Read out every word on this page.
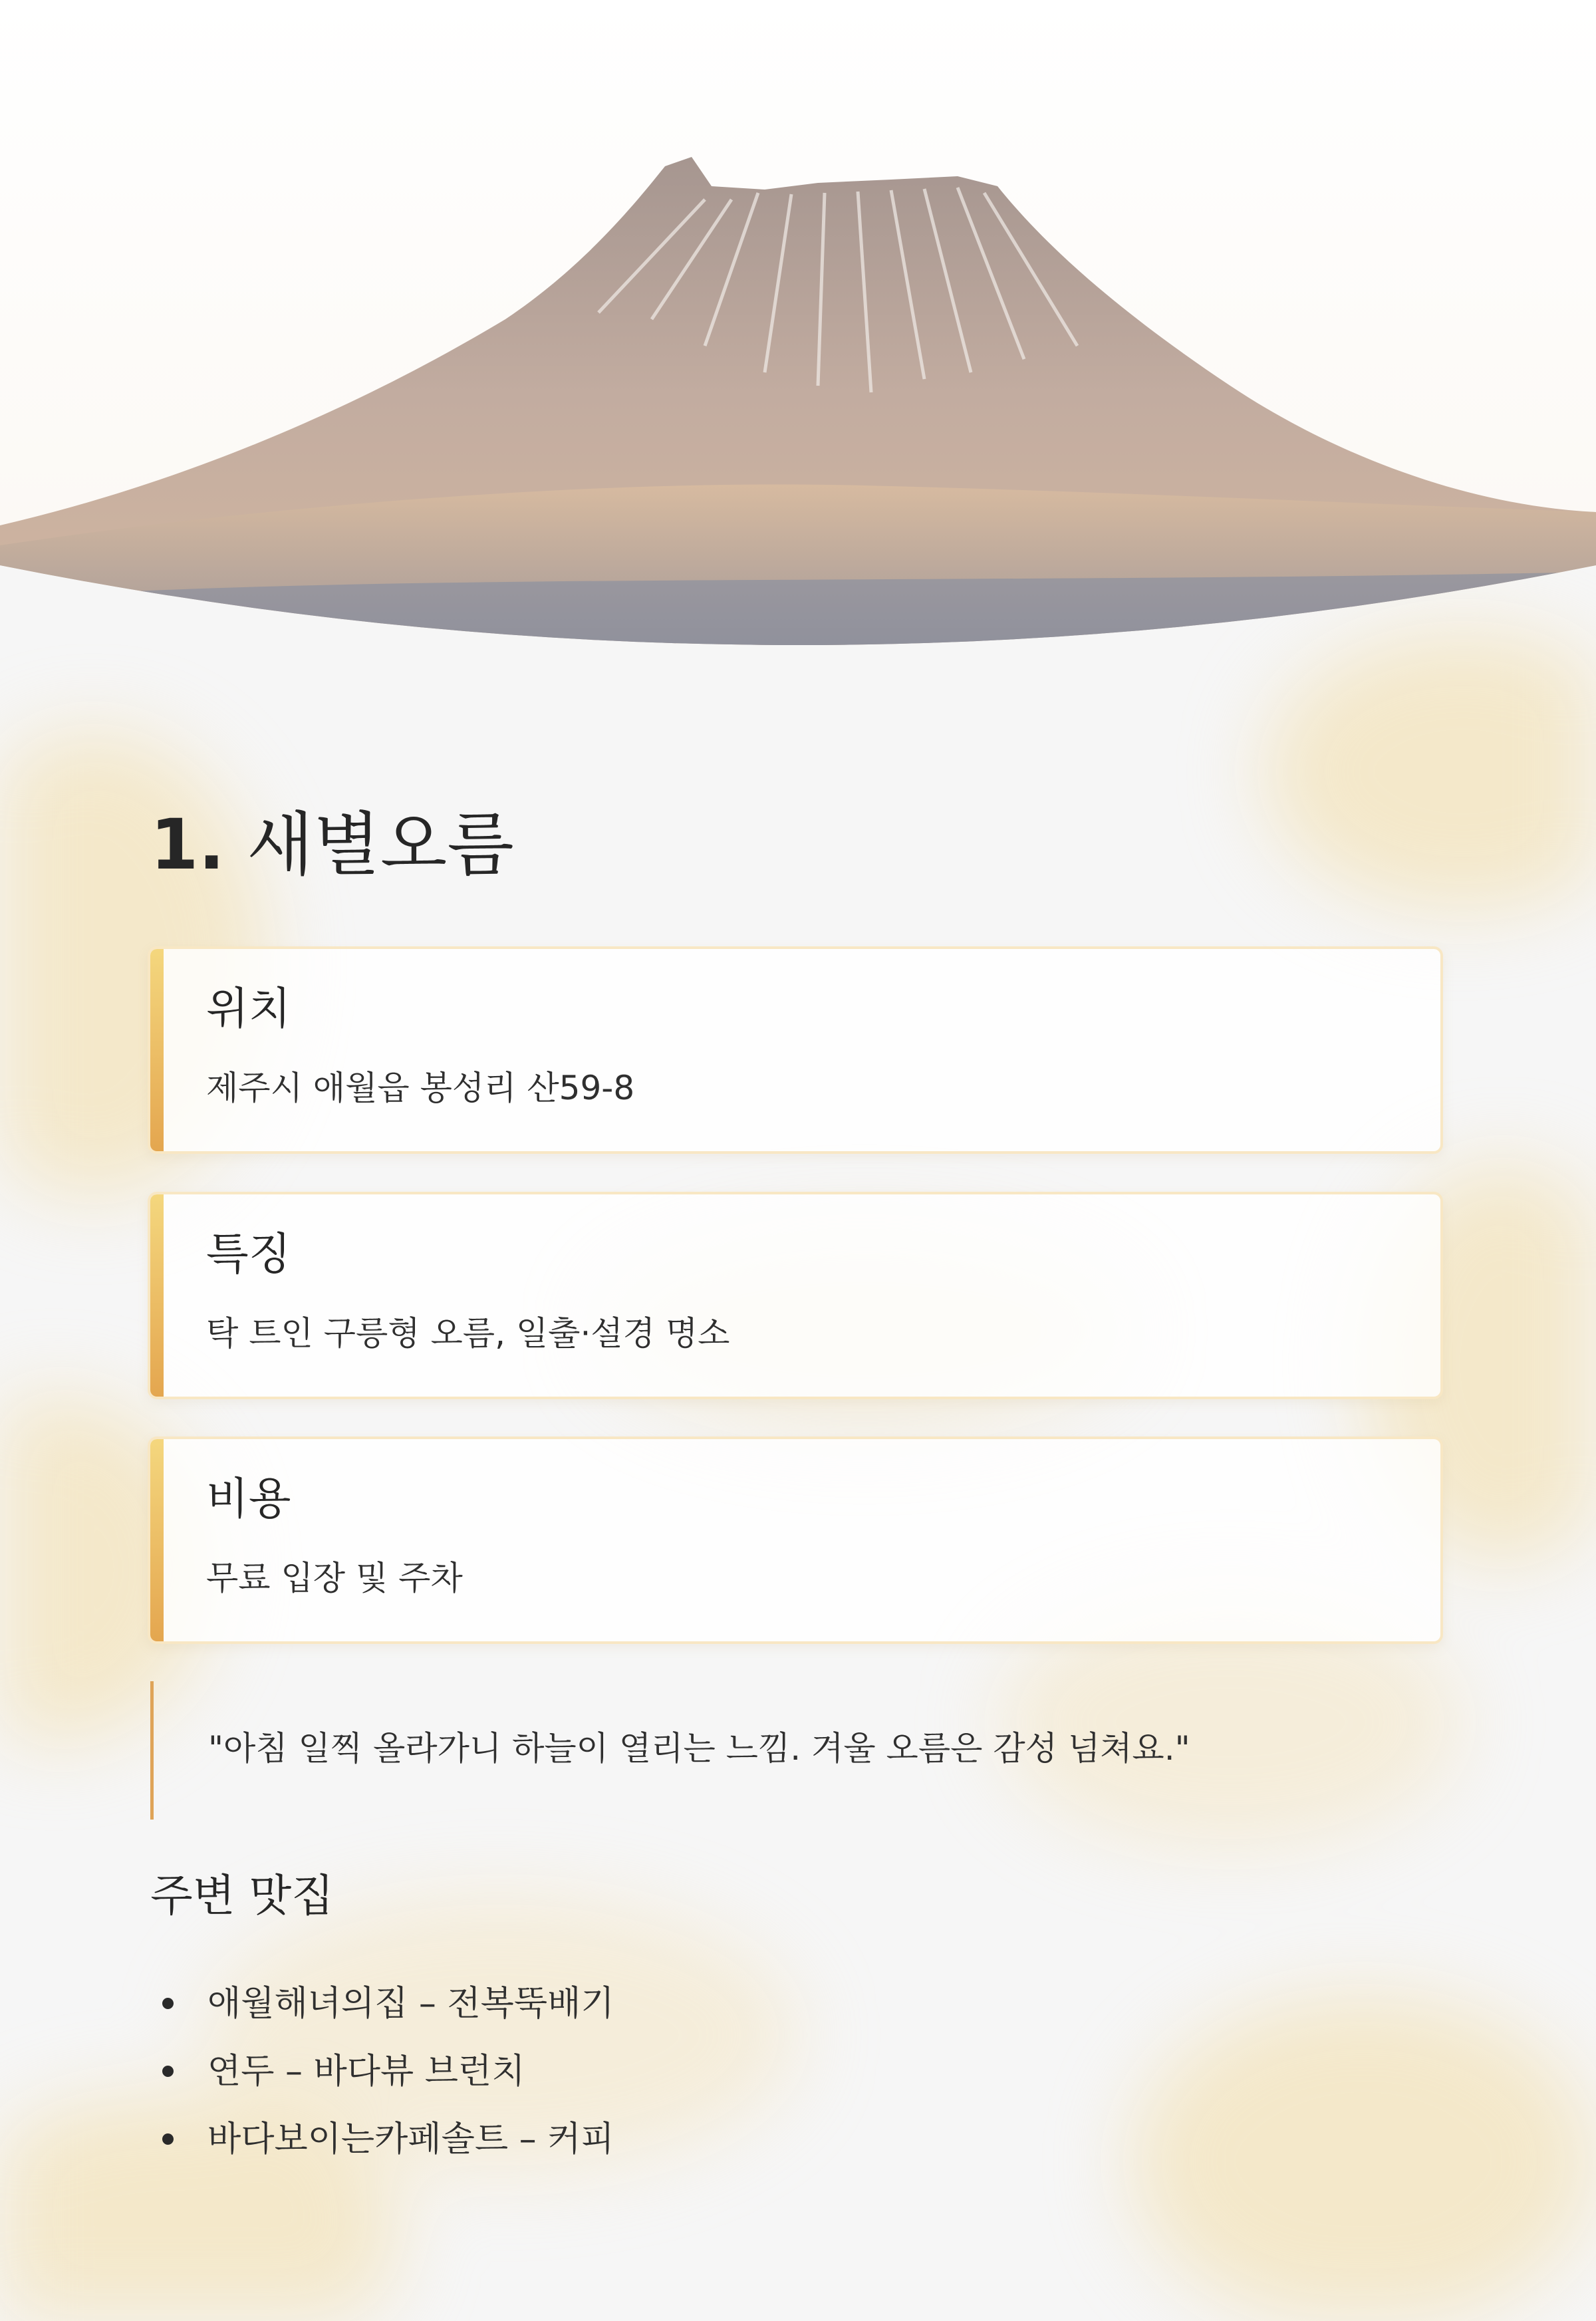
1. 새별오름
위치
제주시 애월읍 봉성리 산59-8
특징
탁 트인 구릉형 오름, 일출·설경 명소
비용
무료 입장 및 주차
"아침 일찍 올라가니 하늘이 열리는 느낌. 겨울 오름은 감성 넘쳐요."
주변 맛집
애월해녀의집 – 전복뚝배기
연두 – 바다뷰 브런치
바다보이는카페솔트 – 커피
